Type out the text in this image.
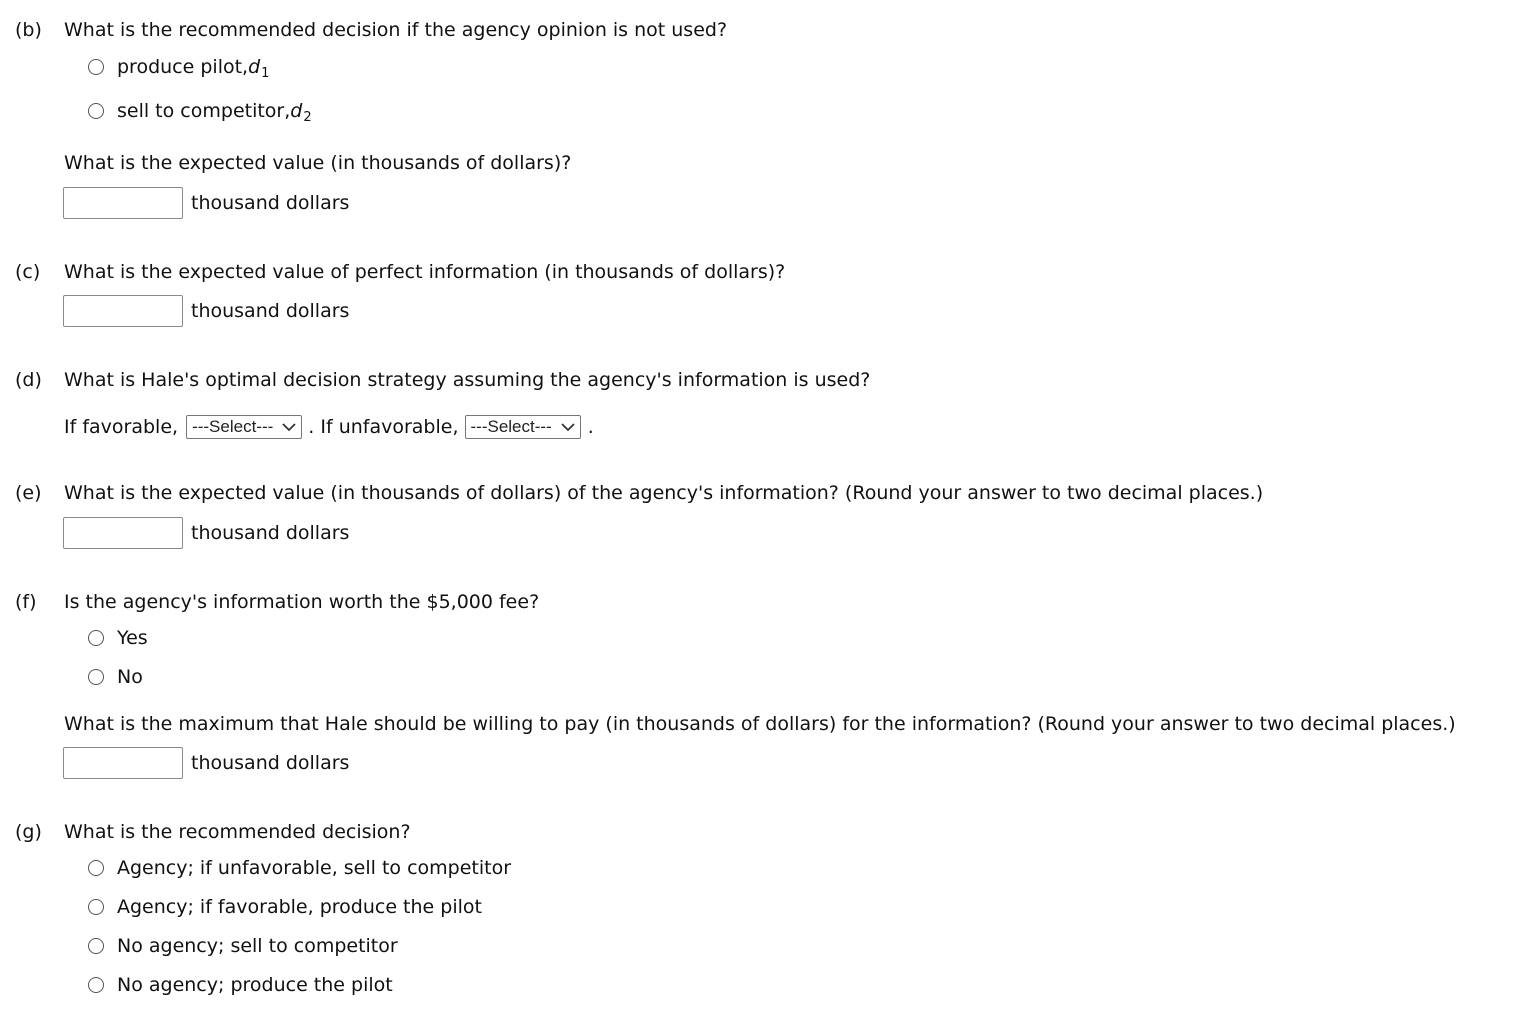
(b) What is the recommended decision if the agency opinion is not used?
produce pilot, d 1
sell to competitor, d 2
What is the expected value (in thousands of dollars)?
thousand dollars
(c) What is the expected value of perfect information (in thousands of dollars)?
thousand dollars
(d) What is Hale's optimal decision strategy assuming the agency's information is used?
If favorable, ---Select--- . If unfavorable, ---Select--- .
(e) What is the expected value (in thousands of dollars) of the agency's information? (Round your answer to two decimal places.)
thousand dollars
(f) Is the agency's information worth the $5,000 fee?
Yes
No
What is the maximum that Hale should be willing to pay (in thousands of dollars) for the information? (Round your answer to two decimal places.)
thousand dollars
(g) What is the recommended decision?
Agency; if unfavorable, sell to competitor
Agency; if favorable, produce the pilot
No agency; sell to competitor
No agency; produce the pilot
